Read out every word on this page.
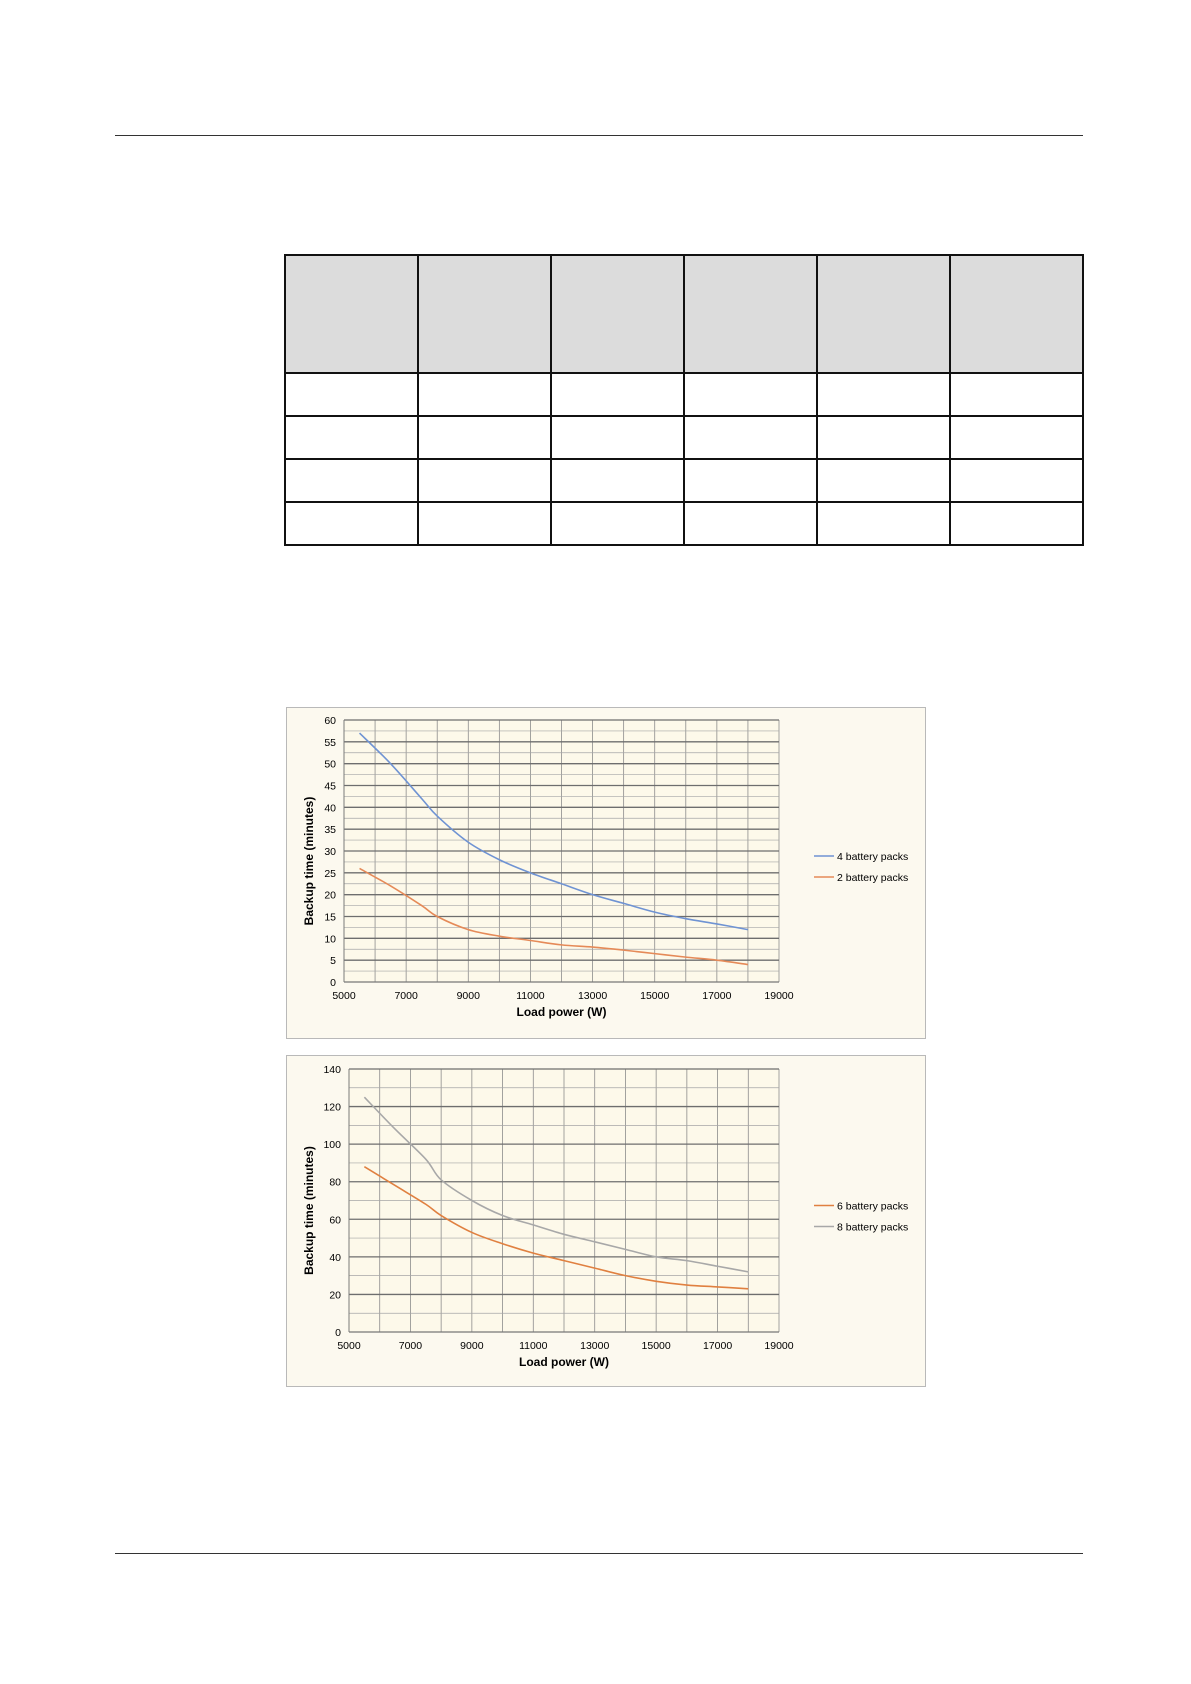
0
5
10
15
20
25
30
35
40
45
50
55
60
5000	7000	9000	11000	13000	15000	17000	19000
Load power (W)
Backup time (minutes)	4 battery packs
2 battery packs
0
20
40
60
80
100
120
140
5000	7000	9000	11000	13000	15000	17000	19000
Load power (W)
Backup time (minutes)	6 battery packs
8 battery packs
